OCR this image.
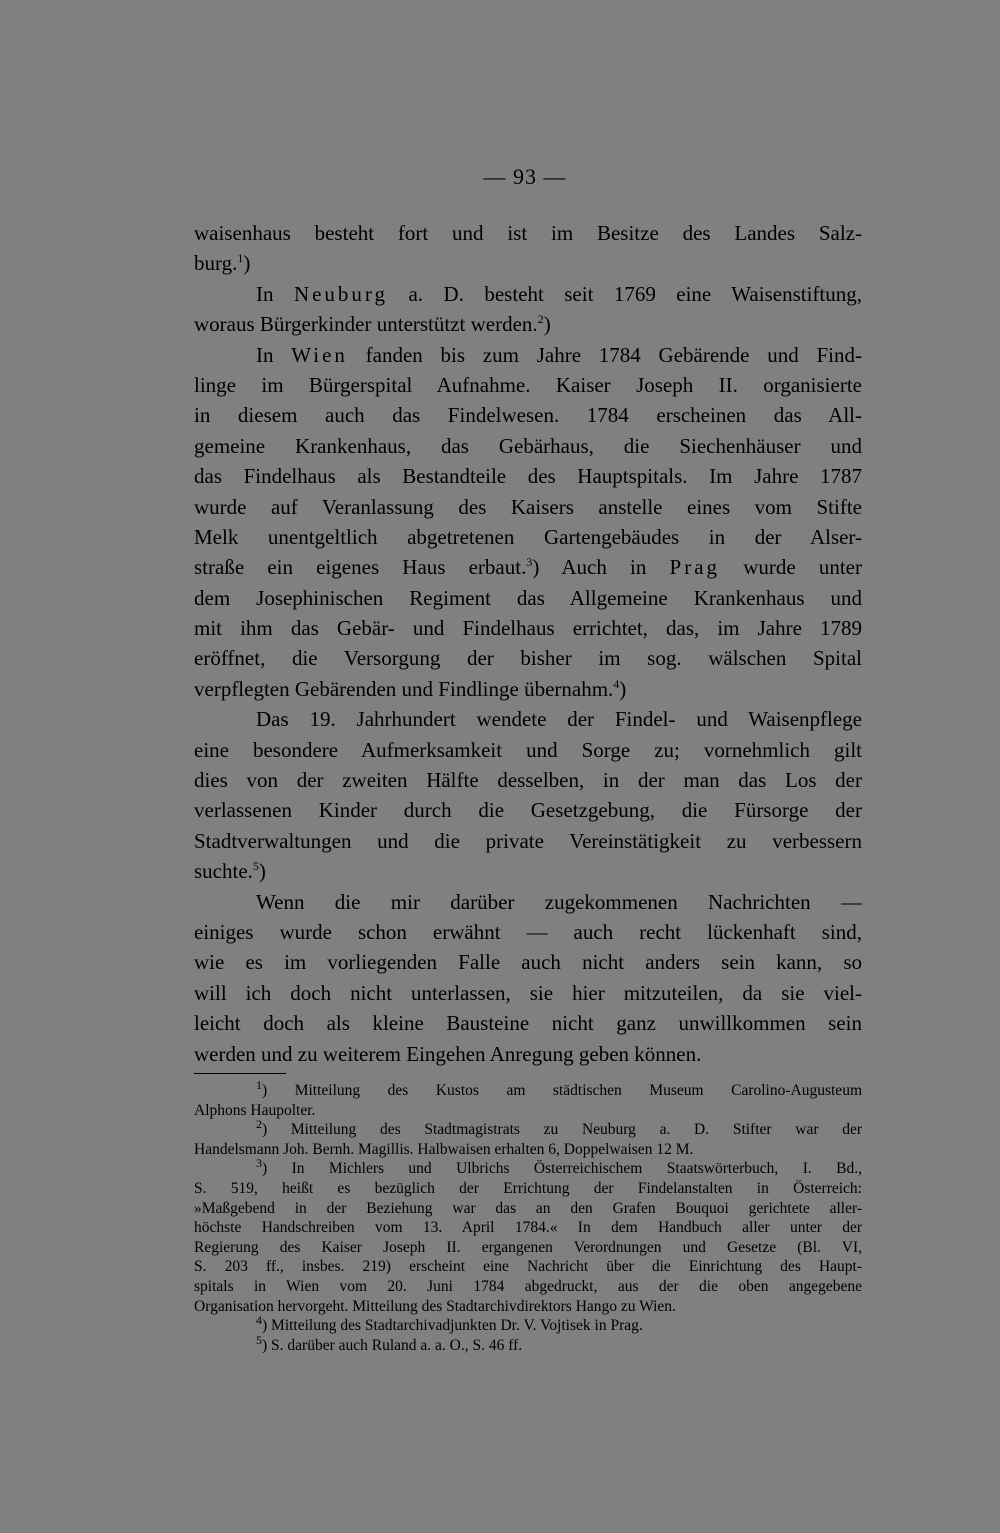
— 93 —
waisenhaus besteht fort und ist im Besitze des Landes Salz-
burg.$^1$)
In Neuburg a. D. besteht seit 1769 eine Waisenstiftung,
woraus Bürgerkinder unterstützt werden.$^2$)
In Wien fanden bis zum Jahre 1784 Gebärende und Find-
linge im Bürgerspital Aufnahme. Kaiser Joseph II. organisierte
in diesem auch das Findelwesen. 1784 erscheinen das All-
gemeine Krankenhaus, das Gebärhaus, die Siechenhäuser und
das Findelhaus als Bestandteile des Hauptspitals. Im Jahre 1787
wurde auf Veranlassung des Kaisers anstelle eines vom Stifte
Melk unentgeltlich abgetretenen Gartengebäudes in der Alser-
straße ein eigenes Haus erbaut.$^3$) Auch in Prag wurde unter
dem Josephinischen Regiment das Allgemeine Krankenhaus und
mit ihm das Gebär- und Findelhaus errichtet, das, im Jahre 1789
eröffnet, die Versorgung der bisher im sog. wälschen Spital
verpflegten Gebärenden und Findlinge übernahm.$^4$)
Das 19. Jahrhundert wendete der Findel- und Waisenpflege
eine besondere Aufmerksamkeit und Sorge zu; vornehmlich gilt
dies von der zweiten Hälfte desselben, in der man das Los der
verlassenen Kinder durch die Gesetzgebung, die Fürsorge der
Stadtverwaltungen und die private Vereinstätigkeit zu verbessern
suchte.$^5$)
Wenn die mir darüber zugekommenen Nachrichten —
einiges wurde schon erwähnt — auch recht lückenhaft sind,
wie es im vorliegenden Falle auch nicht anders sein kann, so
will ich doch nicht unterlassen, sie hier mitzuteilen, da sie viel-
leicht doch als kleine Bausteine nicht ganz unwillkommen sein
werden und zu weiterem Eingehen Anregung geben können.
$^1$) Mitteilung des Kustos am städtischen Museum Carolino-Augusteum
Alphons Haupolter.
$^2$) Mitteilung des Stadtmagistrats zu Neuburg a. D. Stifter war der
Handelsmann Joh. Bernh. Magillis. Halbwaisen erhalten 6, Doppelwaisen 12 M.
$^3$) In Michlers und Ulbrichs Österreichischem Staatswörterbuch, I. Bd.,
S. 519, heißt es bezüglich der Errichtung der Findelanstalten in Österreich:
»Maßgebend in der Beziehung war das an den Grafen Bouquoi gerichtete aller-
höchste Handschreiben vom 13. April 1784.« In dem Handbuch aller unter der
Regierung des Kaiser Joseph II. ergangenen Verordnungen und Gesetze (Bl. VI,
S. 203 ff., insbes. 219) erscheint eine Nachricht über die Einrichtung des Haupt-
spitals in Wien vom 20. Juni 1784 abgedruckt, aus der die oben angegebene
Organisation hervorgeht. Mitteilung des Stadtarchivdirektors Hango zu Wien.
$^4$) Mitteilung des Stadtarchivadjunkten Dr. V. Vojtisek in Prag.
$^5$) S. darüber auch Ruland a. a. O., S. 46 ff.
